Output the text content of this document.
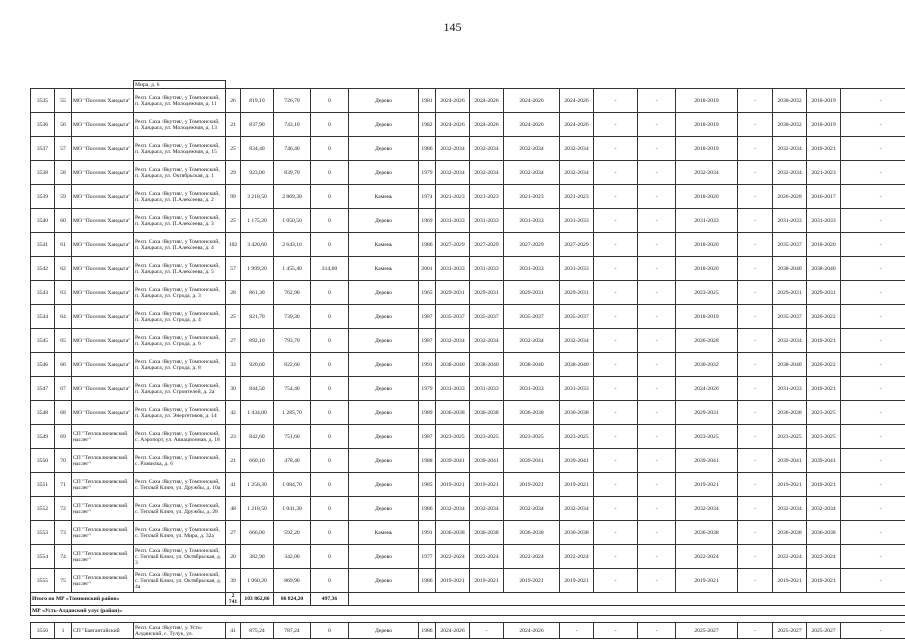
145
			Мира, д. 6																	
3535	55	МО "Поселок Хандыга"	Респ. Саха /Якутия/, у Томпонский, п. Хандыга, ул. Молодежная, д. 11	26	819,10	726,70	0	Дерево	1981	2024-2026	2024-2026	2024-2026	2024-2026	-	-	2018-2019	-	2030-2032	2018-2019	-
3536	56	МО "Поселок Хандыга"	Респ. Саха /Якутия/, у Томпонский, п. Хандыга, ул. Молодежная, д. 13	21	837,90	743,10	0	Дерево	1982	2024-2026	2024-2026	2024-2026	2024-2026	-	-	2018-2019	-	2030-2032	2018-2019	-
3537	57	МО "Поселок Хандыга"	Респ. Саха /Якутия/, у Томпонский, п. Хандыга, ул. Молодежная, д. 15	25	834,40	746,40	0	Дерево	1986	2032-2034	2032-2034	2032-2034	2032-2034	-	-	2018-2019	-	2032-2034	2019-2021	-
3538	58	МО "Поселок Хандыга"	Респ. Саха /Якутия/, у Томпонский, п. Хандыга, ул. Октябрьская, д. 1	29	923,00	839,70	0	Дерево	1979	2032-2034	2032-2034	2032-2034	2032-2034	-	-	2032-2034	-	2032-2034	2021-2023	-
3539	59	МО "Поселок Хандыга"	Респ. Саха /Якутия/, у Томпонский, п. Хандыга, ул. П.Алексеева, д. 2	99	3 218,50	2 869,30	0	Камень	1974	2021-2023	2021-2023	2021-2023	2021-2023	-	-	2018-2020	-	2026-2028	2016-2017	-
3540	60	МО "Поселок Хандыга"	Респ. Саха /Якутия/, у Томпонский, п. Хандыга, ул. П.Алексеева, д. 3	25	1 175,20	1 050,50	0	Дерево	1969	2031-2033	2031-2033	2031-2033	2031-2033	-	-	2031-2033	-	2031-2033	2031-2033	-
3541	61	МО "Поселок Хандыга"	Респ. Саха /Якутия/, у Томпонский, п. Хандыга, ул. П.Алексеева, д. 4	102	3 420,60	2 643,10	0	Камень	1986	2027-2029	2027-2029	2027-2029	2027-2029	-	-	2018-2020	-	2035-2037	2018-2020	-
3542	62	МО "Поселок Хандыга"	Респ. Саха /Якутия/, у Томпонский, п. Хандыга, ул. П.Алексеева, д. 5	57	1 999,20	1 455,40	314,60	Камень	2001	2031-2033	2031-2033	2031-2033	2031-2033	-	-	2018-2020	-	2038-2040	2038-2040	-
3543	63	МО "Поселок Хандыга"	Респ. Саха /Якутия/, у Томпонский, п. Хандыга, ул. Строда, д. 3	28	861,30	762,90	0	Дерево	1965	2029-2031	2029-2031	2029-2031	2029-2031	-	-	2023-2025	-	2029-2031	2029-2031	-
3544	64	МО "Поселок Хандыга"	Респ. Саха /Якутия/, у Томпонский, п. Хандыга, ул. Строда, д. 4	25	821,70	739,30	0	Дерево	1987	2035-2037	2035-2037	2035-2037	2035-2037	-	-	2018-2019	-	2035-2037	2020-2022	-
3545	65	МО "Поселок Хандыга"	Респ. Саха /Якутия/, у Томпонский, п. Хандыга, ул. Строда, д. 6	27	892,10	793,70	0	Дерево	1987	2032-2034	2032-2034	2032-2034	2032-2034	-	-	2026-2028	-	2032-2034	2019-2021	-
3546	66	МО "Поселок Хандыга"	Респ. Саха /Якутия/, у Томпонский, п. Хандыга, ул. Строда, д. 8	33	920,60	822,60	0	Дерево	1991	2038-2040	2038-2040	2038-2040	2038-2040	-	-	2030-2032	-	2038-2040	2020-2022	-
3547	67	МО "Поселок Хандыга"	Респ. Саха /Якутия/, у Томпонский, п. Хандыга, ул. Строителей, д. 2а	30	844,50	754,40	0	Дерево	1979	2031-2033	2031-2033	2031-2033	2031-2033	-	-	2024-2026	-	2031-2033	2019-2021	-
3548	68	МО "Поселок Хандыга"	Респ. Саха /Якутия/, у Томпонский, п. Хандыга, ул. Энергетиков, д. 14	42	1 434,00	1 285,70	0	Дерево	1989	2036-2038	2036-2038	2036-2038	2036-2038	-	-	2029-2031	-	2036-2038	2023-2025	-
3549	69	СП "Теплоключевский наслег"	Респ. Саха /Якутия/, у Томпонский, с. Аэропорт, ул. Авиационная, д. 18	23	842,60	751,60	0	Дерево	1987	2023-2025	2023-2025	2023-2025	2023-2025	-	-	2023-2025	-	2023-2025	2023-2025	-
3550	70	СП "Теплоключевский наслег"	Респ. Саха /Якутия/, у Томпонский, с. Развилка, д. 6	21	660,10	478,40	0	Дерево	1988	2039-2041	2039-2041	2039-2041	2039-2041	-	-	2039-2041	-	2039-2041	2039-2041	-
3551	71	СП "Теплоключевский наслег"	Респ. Саха /Якутия/, у Томпонский, с. Теплый Ключ, ул. Дружбы, д. 10а	41	1 256,30	1 084,70	0	Дерево	1985	2019-2021	2019-2021	2019-2021	2019-2021	-	-	2019-2021	-	2019-2021	2019-2021	-
3552	72	СП "Теплоключевский наслег"	Респ. Саха /Якутия/, у Томпонский, с. Теплый Ключ, ул. Дружбы, д. 28	48	1 218,50	1 041,30	0	Дерево	1986	2032-2034	2032-2034	2032-2034	2032-2034	-	-	2032-2034	-	2032-2034	2032-2034	-
3553	73	СП "Теплоключевский наслег"	Респ. Саха /Якутия/, у Томпонский, с. Теплый Ключ, ул. Мира, д. 32а	27	666,00	592,20	0	Камень	1991	2036-2038	2036-2038	2036-2038	2036-2038	-	-	2036-2038	-	2036-2038	2036-2038	-
3554	74	СП "Теплоключевский наслег"	Респ. Саха /Якутия/, у Томпонский, с. Теплый Ключ, ул. Октябрьская, д. 3	20	382,90	342,00	0	Дерево	1977	2022-2024	2022-2024	2022-2024	2022-2024	-	-	2022-2024	-	2022-2024	2022-2024	-
3555	75	СП "Теплоключевский наслег"	Респ. Саха /Якутия/, у Томпонский, с. Теплый Ключ, ул. Октябрьская, д. 4а	39	1 060,20	869,90	0	Дерево	1986	2019-2021	2019-2021	2019-2021	2019-2021	-	-	2019-2021	-	2019-2021	2019-2021	-
Итого по МР «Томпонский район»				2 741	103 862,86	86 824,20	497,36													
МР «Усть-Алданский улус (район)»																				

3556	1	СП "Баягантайский	Респ. Саха /Якутия/, у. Усть-Алданский, с. Тулук, ул.	41	875,24	787,24	0	Дерево	1986	2024-2026	-	2024-2026	-	-	-	2025-2027	-	2025-2027	2025-2027	-
